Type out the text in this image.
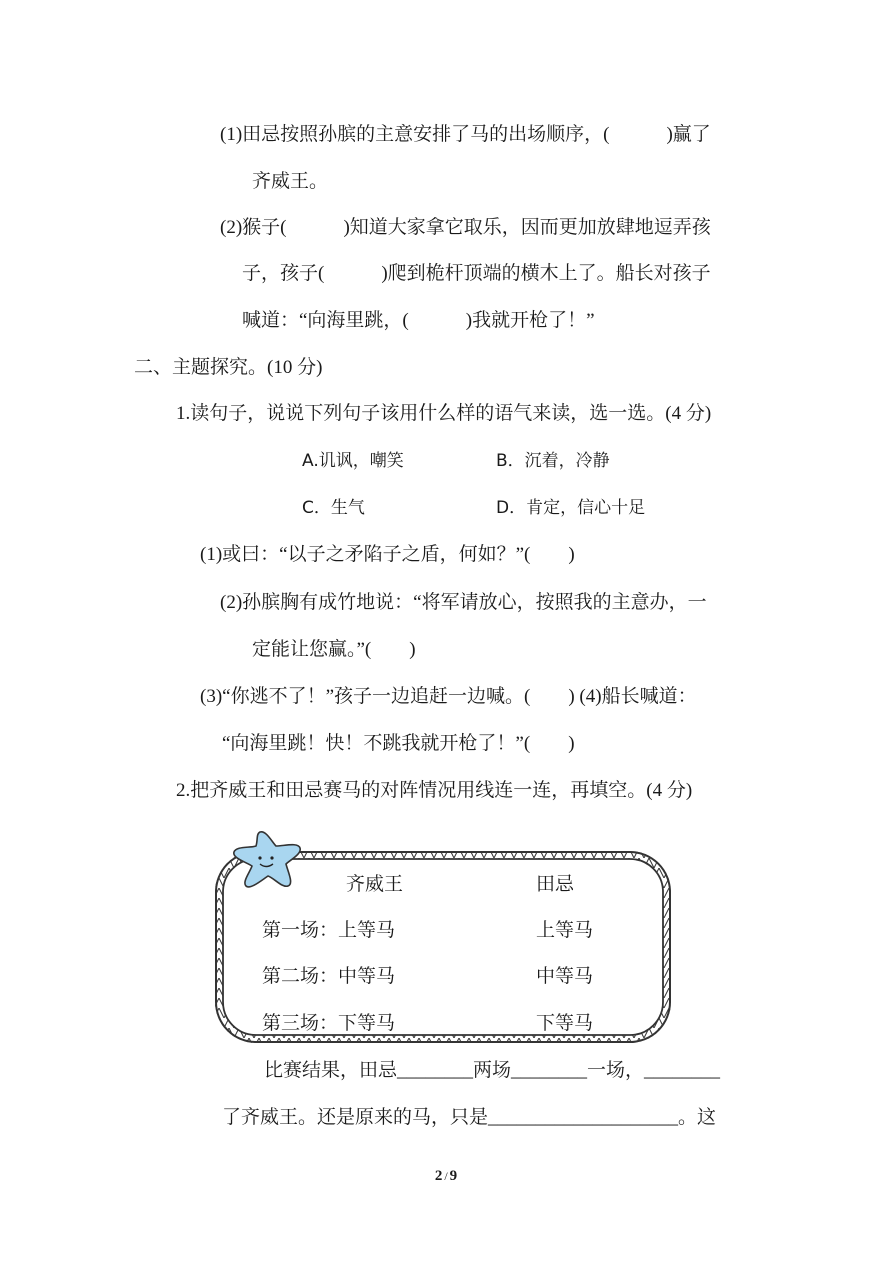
(1)田忌按照孙膑的主意安排了马的出场顺序，(　　　)赢了

齐威王。

(2)猴子(　　　)知道大家拿它取乐，因而更加放肆地逗弄孩

子，孩子(　　　)爬到桅杆顶端的横木上了。船长对孩子

喊道：“向海里跳，(　　　)我就开枪了！”

二、主题探究。(10 分)

1.读句子，说说下列句子该用什么样的语气来读，选一选。(4 分)

A.讥讽，嘲笑	B．沉着，冷静

C．生气	D．肯定，信心十足

(1)或曰：“以子之矛陷子之盾，何如？”(　　)

(2)孙膑胸有成竹地说：“将军请放心，按照我的主意办，一

定能让您赢。”(　　)

(3)“你逃不了！”孩子一边追赶一边喊。(　　) (4)船长喊道：

“向海里跳！快！不跳我就开枪了！”(　　)

2.把齐威王和田忌赛马的对阵情况用线连一连，再填空。(4 分)

齐威王	田忌
第一场：上等马	上等马
第二场：中等马	中等马
第三场：下等马	下等马

比赛结果，田忌________两场________一场，________

了齐威王。还是原来的马，只是____________________。这

2 / 9
